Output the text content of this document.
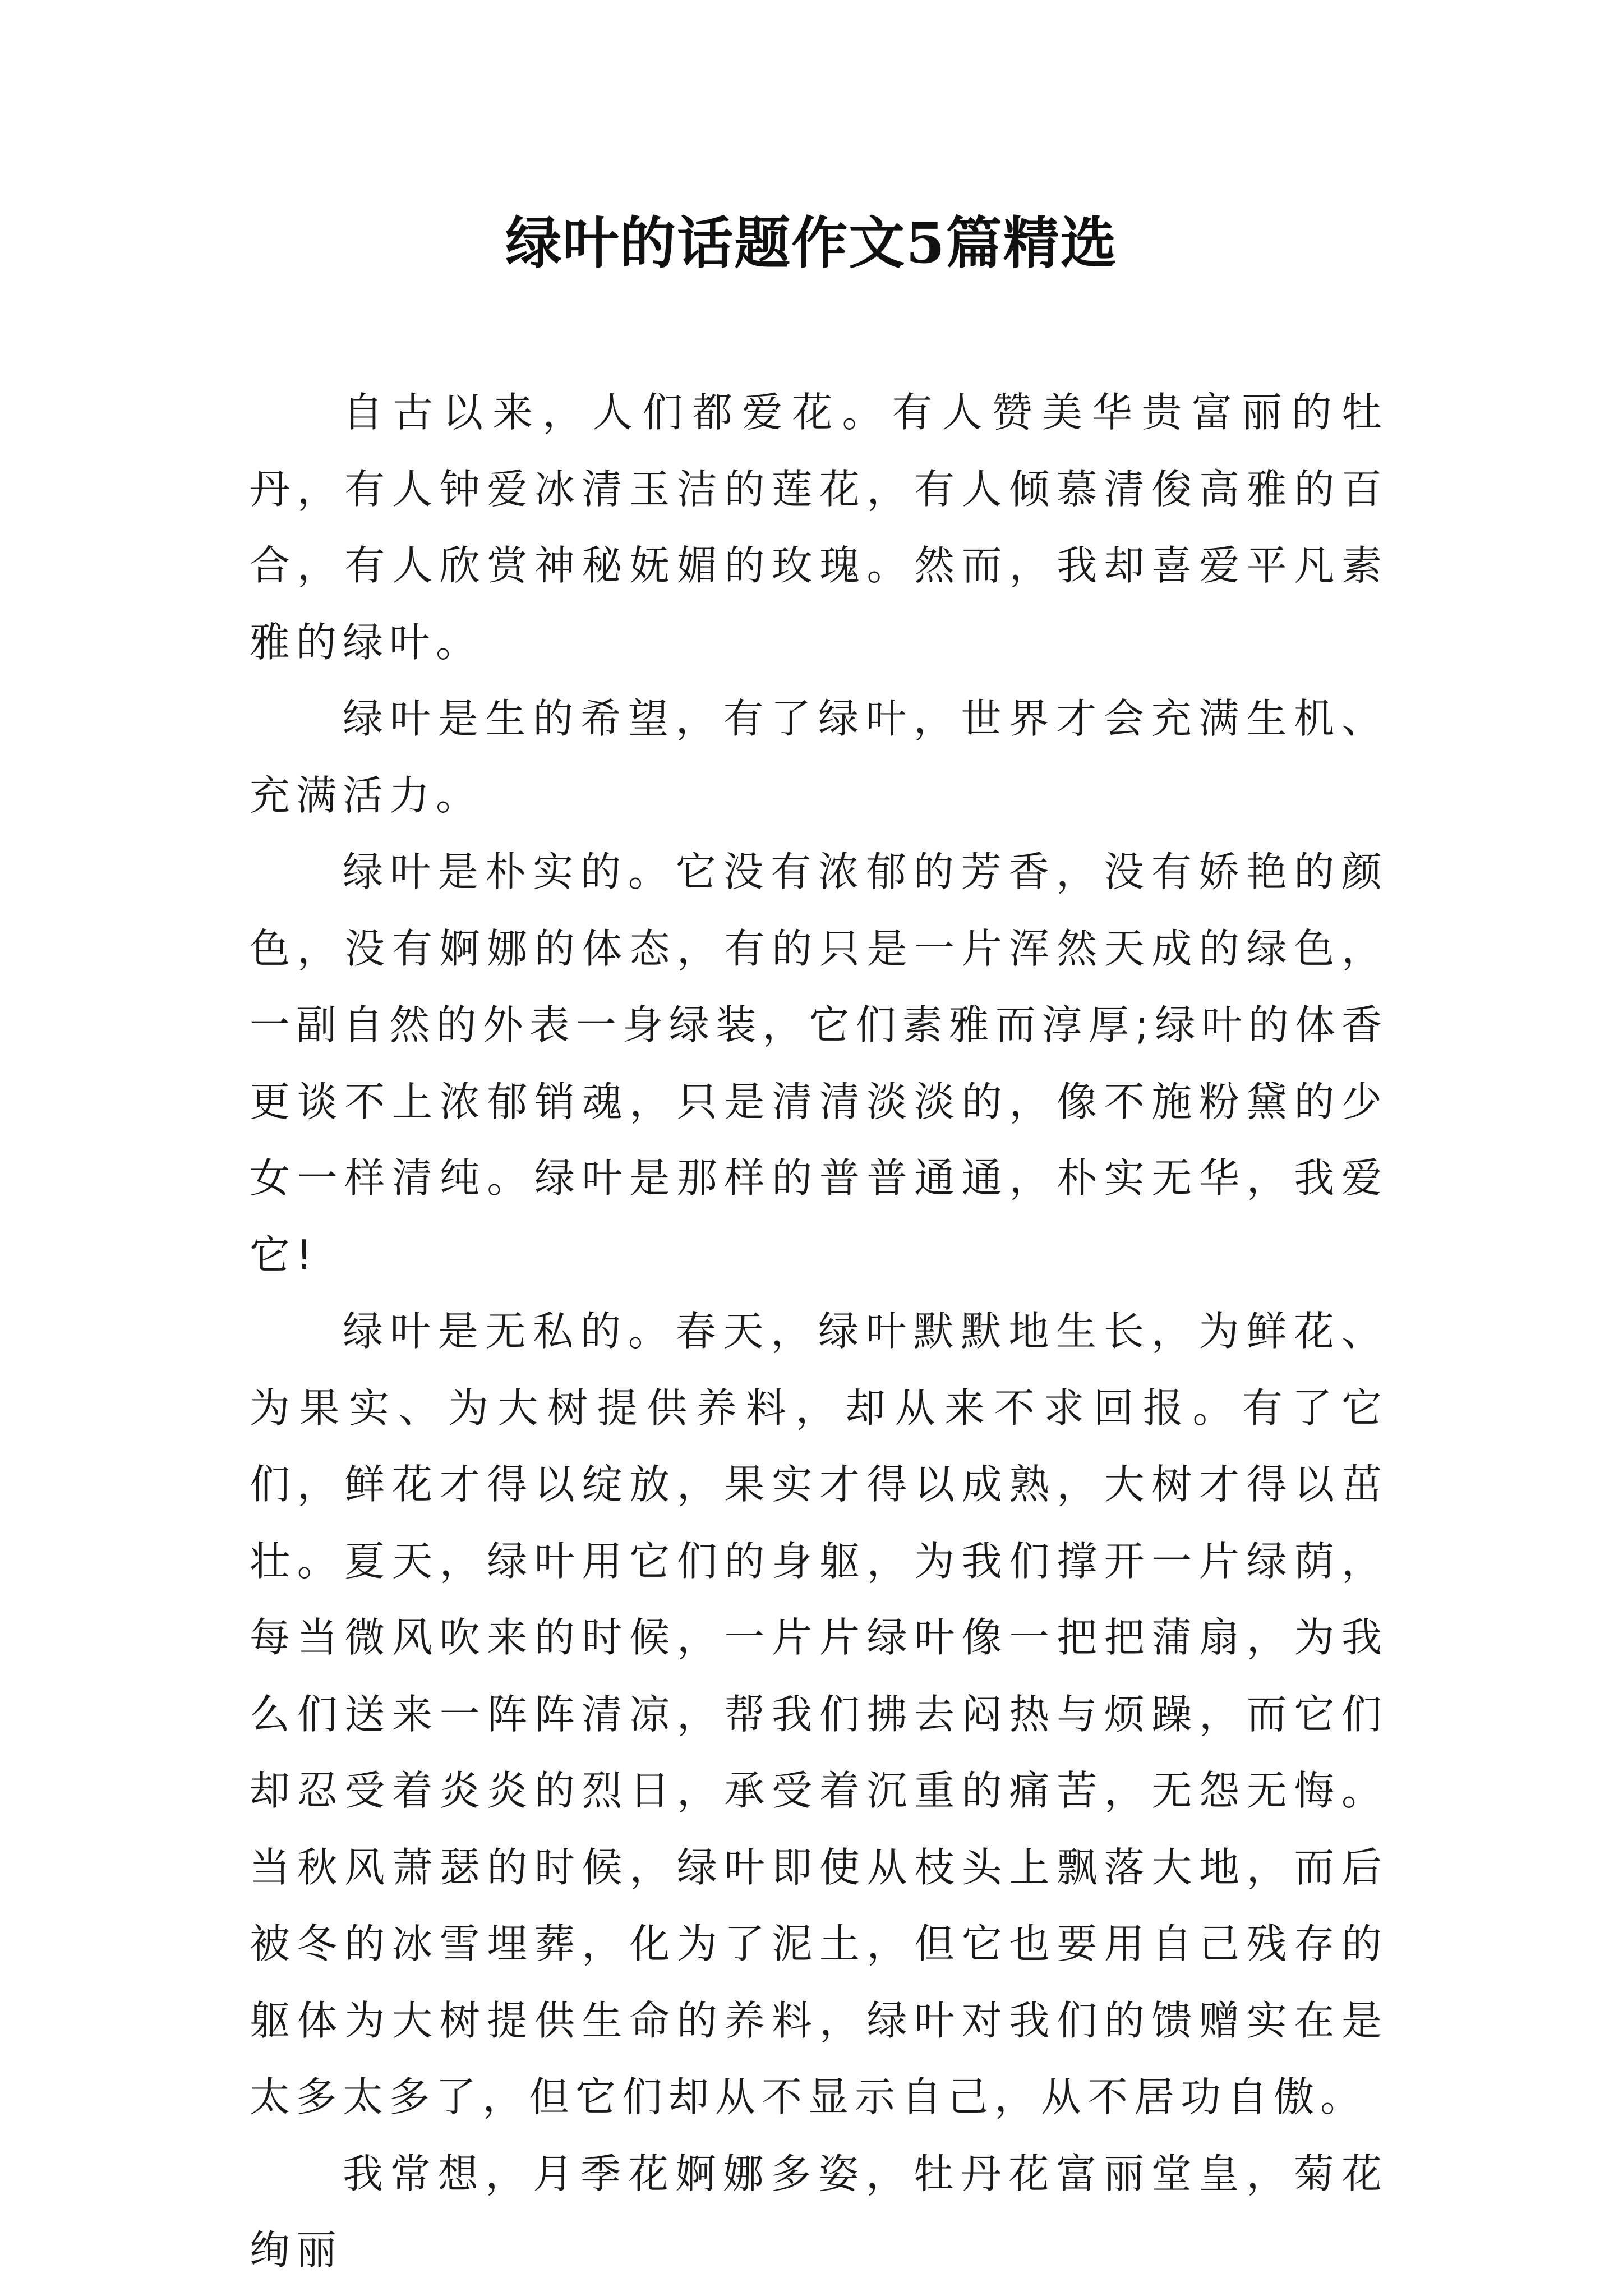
绿叶的话题作文5篇精选

自古以来，人们都爱花。有人赞美华贵富丽的牡丹，有人钟爱冰清玉洁的莲花，有人倾慕清俊高雅的百合，有人欣赏神秘妩媚的玫瑰。然而，我却喜爱平凡素雅的绿叶。

绿叶是生的希望，有了绿叶，世界才会充满生机、充满活力。

绿叶是朴实的。它没有浓郁的芳香，没有娇艳的颜色，没有婀娜的体态，有的只是一片浑然天成的绿色，一副自然的外表一身绿装，它们素雅而淳厚;绿叶的体香更谈不上浓郁销魂，只是清清淡淡的，像不施粉黛的少女一样清纯。绿叶是那样的普普通通，朴实无华，我爱它!

绿叶是无私的。春天，绿叶默默地生长，为鲜花、为果实、为大树提供养料，却从来不求回报。有了它们，鲜花才得以绽放，果实才得以成熟，大树才得以茁壮。夏天，绿叶用它们的身躯，为我们撑开一片绿荫，每当微风吹来的时候，一片片绿叶像一把把蒲扇，为我么们送来一阵阵清凉，帮我们拂去闷热与烦躁，而它们却忍受着炎炎的烈日，承受着沉重的痛苦，无怨无悔。当秋风萧瑟的时候，绿叶即使从枝头上飘落大地，而后被冬的冰雪埋葬，化为了泥土，但它也要用自己残存的躯体为大树提供生命的养料，绿叶对我们的馈赠实在是太多太多了，但它们却从不显示自己，从不居功自傲。

我常想，月季花婀娜多姿，牡丹花富丽堂皇，菊花绚丽
